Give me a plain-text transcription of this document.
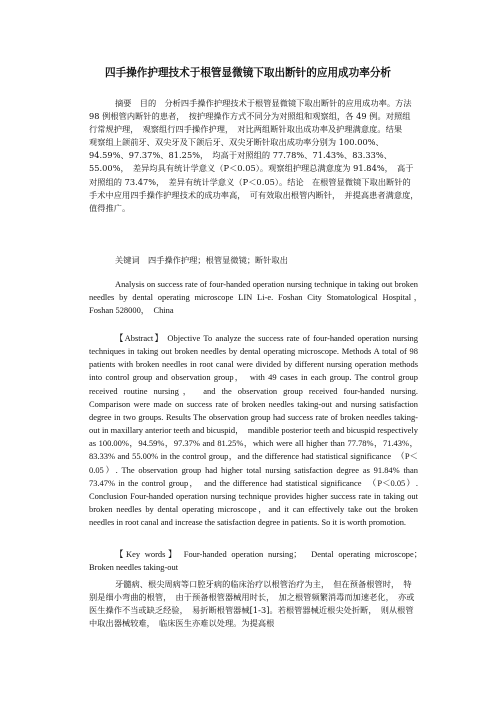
四手操作护理技术于根管显微镜下取出断针的应用成功率分析
摘要　 目的　分析四手操作护理技术于根管显微镜下取出断针的应用成功率。方法　98 例根管内断针的患者，　按护理操作方式不同分为对照组和观察组，各 49 例。对照组行常规护理，　观察组行四手操作护理，　对比两组断针取出成功率及护理满意度。结果　观察组上颌前牙、双尖牙及下颌后牙、双尖牙断针取出成功率分别为 100.00%、94.59%、97.37%、81.25%，　均高于对照组的 77.78%、71.43%、83.33%、55.00%，　差异均具有统计学意义（P＜0.05）。观察组护理总满意度为 91.84%，　高于对照组的 73.47%，　差异有统计学意义（P＜0.05）。结论　在根管显微镜下取出断针的手术中应用四手操作护理技术的成功率高，　可有效取出根管内断针，　并提高患者满意度，　值得推广。
关键词　 四手操作护理；根管显微镜；断针取出
Analysis on success rate of four-handed operation nursing technique in taking out broken needles by dental operating microscope LIN Li-e. Foshan City Stomatological Hospital，　Foshan 528000，　China
【Abstract】 Objective To analyze the success rate of four-handed operation nursing techniques in taking out broken needles by dental operating microscope. Methods A total of 98 patients with broken needles in root canal were divided by different nursing operation methods into control group and observation group，　with 49 cases in each group. The control group received routine nursing，　and the observation group received four-handed nursing. Comparison were made on success rate of broken needles taking-out and nursing satisfaction degree in two groups. Results The observation group had success rate of broken needles taking-out in maxillary anterior teeth and bicuspid，　mandible posterior teeth and bicuspid respectively as 100.00%，94.59%，97.37% and 81.25%，which were all higher than 77.78%，71.43%，83.33% and 55.00% in the control group，and the difference had statistical significance　（P＜0.05）. The observation group had higher total nursing satisfaction degree as 91.84% than 73.47% in the control group，　and the difference had statistical significance　（P＜0.05）. Conclusion Four-handed operation nursing technique provides higher success rate in taking out broken needles by dental operating microscope，and it can effectively take out the broken needles in root canal and increase the satisfaction degree in patients. So it is worth promotion.
【Key words】 Four-handed operation nursing；　Dental operating microscope；　Broken needles taking-out
牙髓病、根尖周病等口腔牙病的临床治疗以根管治疗为主，　但在预备根管时，　特别是细小弯曲的根管，　由于预备根管器械用时长，　加之根管频繁消毒而加速老化，　亦或医生操作不当或缺乏经验，　易折断根管器械[1-3]。若根管器械近根尖处折断，　则从根管中取出器械较难，　临床医生亦难以处理。为提高根
